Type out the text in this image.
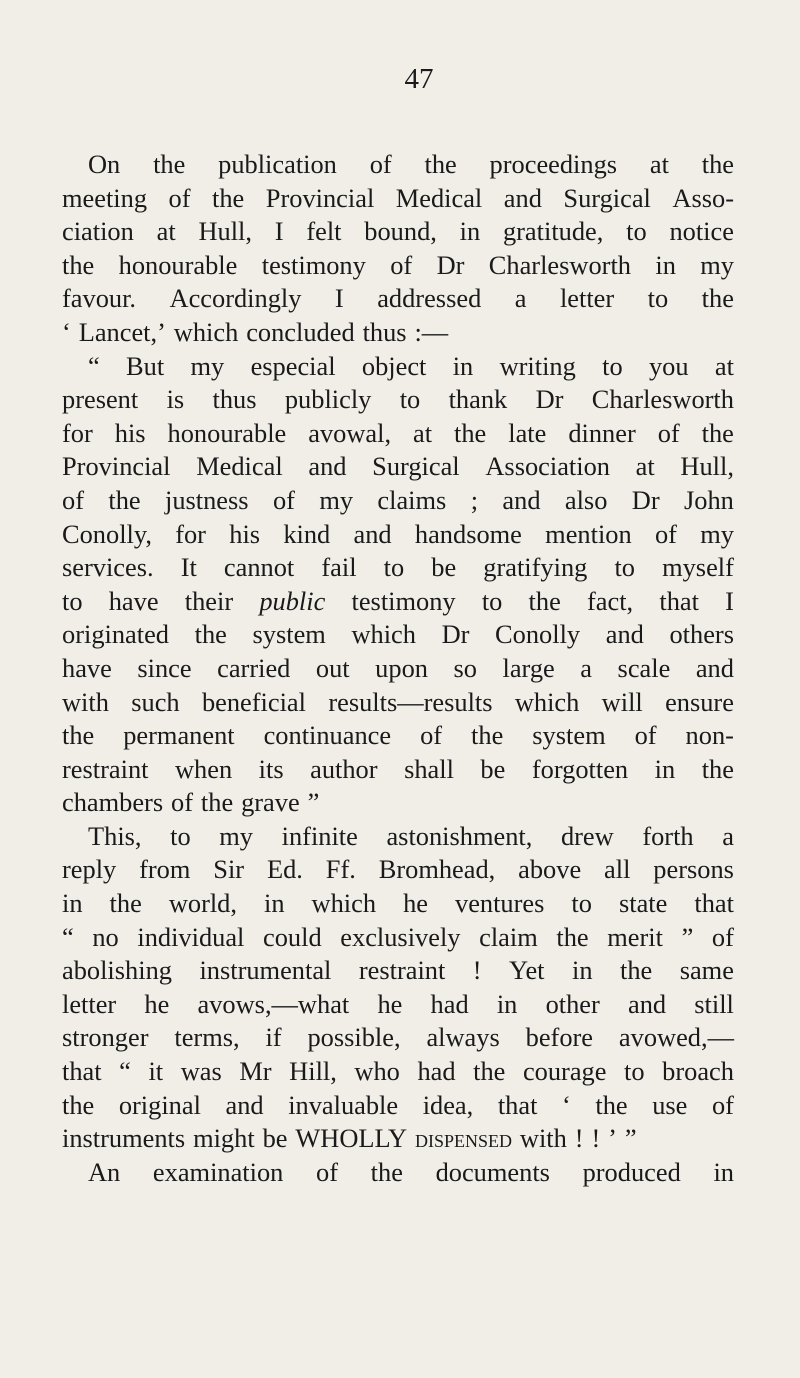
47
On the publication of the proceedings at the
meeting of the Provincial Medical and Surgical Asso-
ciation at Hull, I felt bound, in gratitude, to notice
the honourable testimony of Dr Charlesworth in my
favour. Accordingly I addressed a letter to the
‘ Lancet,’ which concluded thus :—
“ But my especial object in writing to you at
present is thus publicly to thank Dr Charlesworth
for his honourable avowal, at the late dinner of the
Provincial Medical and Surgical Association at Hull,
of the justness of my claims ; and also Dr John
Conolly, for his kind and handsome mention of my
services. It cannot fail to be gratifying to myself
to have their public testimony to the fact, that I
originated the system which Dr Conolly and others
have since carried out upon so large a scale and
with such beneficial results—results which will ensure
the permanent continuance of the system of non-
restraint when its author shall be forgotten in the
chambers of the grave ”
This, to my infinite astonishment, drew forth a
reply from Sir Ed. Ff. Bromhead, above all persons
in the world, in which he ventures to state that
“ no individual could exclusively claim the merit ” of
abolishing instrumental restraint ! Yet in the same
letter he avows,—what he had in other and still
stronger terms, if possible, always before avowed,—
that “ it was Mr Hill, who had the courage to broach
the original and invaluable idea, that ‘ the use of
instruments might be WHOLLY dispensed with ! ! ’ ”
An examination of the documents produced in
